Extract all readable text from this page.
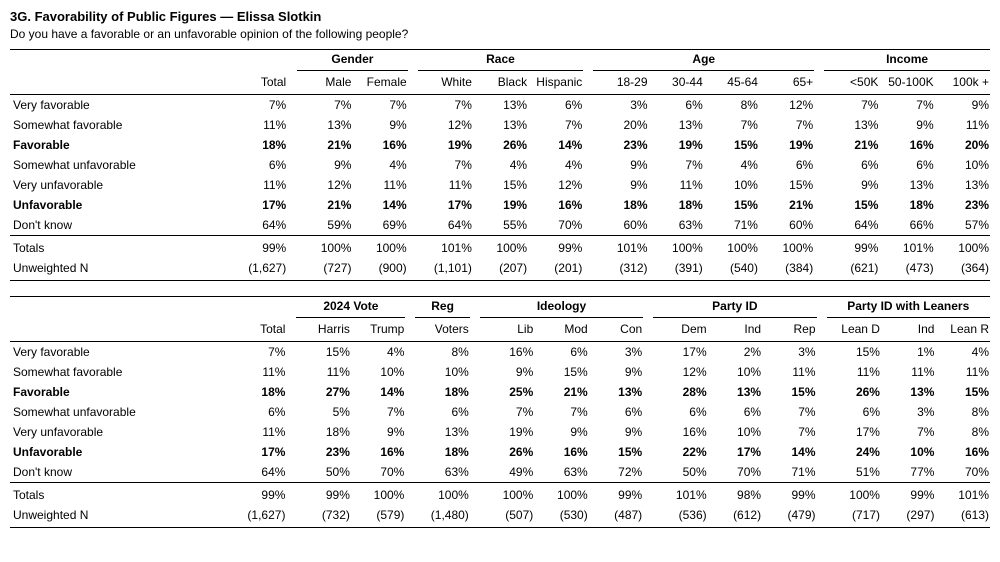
3G. Favorability of Public Figures — Elissa Slotkin
Do you have a favorable or an unfavorable opinion of the following people?
			Gender			Race				Age					Income		
	Total		Male	Female		White	Black	Hispanic		18-29	30-44	45-64	65+		<50K	50-100K	100k +
Very favorable	7%		7%	7%		7%	13%	6%		3%	6%	8%	12%		7%	7%	9%
Somewhat favorable	11%		13%	9%		12%	13%	7%		20%	13%	7%	7%		13%	9%	11%
Favorable	18%		21%	16%		19%	26%	14%		23%	19%	15%	19%		21%	16%	20%
Somewhat unfavorable	6%		9%	4%		7%	4%	4%		9%	7%	4%	6%		6%	6%	10%
Very unfavorable	11%		12%	11%		11%	15%	12%		9%	11%	10%	15%		9%	13%	13%
Unfavorable	17%		21%	14%		17%	19%	16%		18%	18%	15%	21%		15%	18%	23%
Don't know	64%		59%	69%		64%	55%	70%		60%	63%	71%	60%		64%	66%	57%
Totals	99%		100%	100%		101%	100%	99%		101%	100%	100%	100%		99%	101%	100%
Unweighted N	(1,627)		(727)	(900)		(1,101)	(207)	(201)		(312)	(391)	(540)	(384)		(621)	(473)	(364)
			2024 Vote			Reg		Ideology				Party ID				Party ID with Leaners		
	Total		Harris	Trump		Voters		Lib	Mod	Con		Dem	Ind	Rep		Lean D	Ind	Lean R
Very favorable	7%		15%	4%		8%		16%	6%	3%		17%	2%	3%		15%	1%	4%
Somewhat favorable	11%		11%	10%		10%		9%	15%	9%		12%	10%	11%		11%	11%	11%
Favorable	18%		27%	14%		18%		25%	21%	13%		28%	13%	15%		26%	13%	15%
Somewhat unfavorable	6%		5%	7%		6%		7%	7%	6%		6%	6%	7%		6%	3%	8%
Very unfavorable	11%		18%	9%		13%		19%	9%	9%		16%	10%	7%		17%	7%	8%
Unfavorable	17%		23%	16%		18%		26%	16%	15%		22%	17%	14%		24%	10%	16%
Don't know	64%		50%	70%		63%		49%	63%	72%		50%	70%	71%		51%	77%	70%
Totals	99%		99%	100%		100%		100%	100%	99%		101%	98%	99%		100%	99%	101%
Unweighted N	(1,627)		(732)	(579)		(1,480)		(507)	(530)	(487)		(536)	(612)	(479)		(717)	(297)	(613)
